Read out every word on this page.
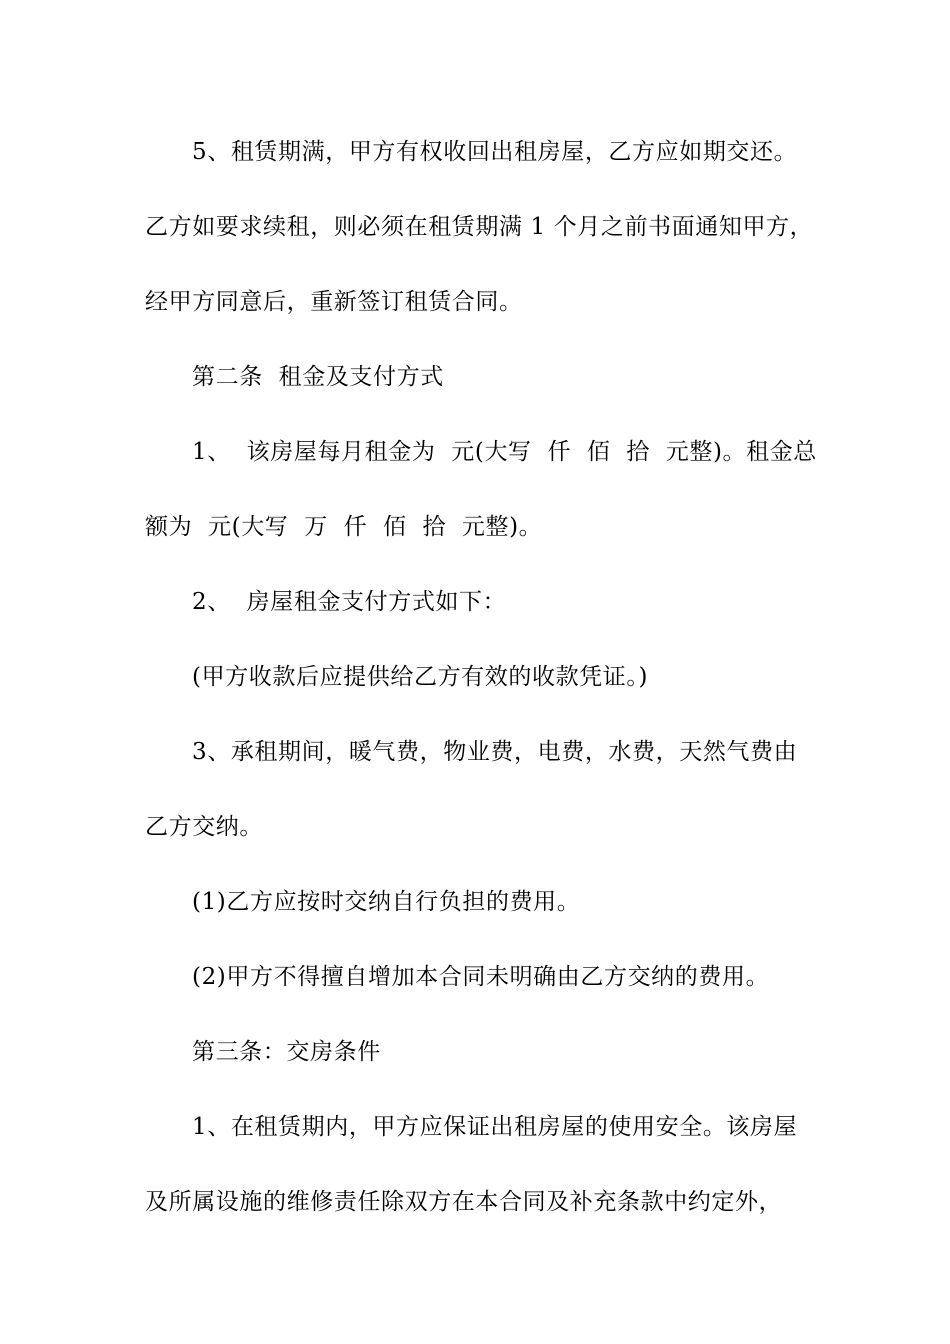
5、租赁期满，甲方有权收回出租房屋，乙方应如期交还。
乙方如要求续租，则必须在租赁期满 1 个月之前书面通知甲方，
经甲方同意后，重新签订租赁合同。
第二条  租金及支付方式
1、  该房屋每月租金为  元(大写  仟  佰  拾  元整)。租金总
额为  元(大写  万  仟  佰  拾  元整)。
2、  房屋租金支付方式如下：
(甲方收款后应提供给乙方有效的收款凭证。)
3、承租期间，暖气费，物业费，电费，水费，天然气费由
乙方交纳。
(1)乙方应按时交纳自行负担的费用。
(2)甲方不得擅自增加本合同未明确由乙方交纳的费用。
第三条：交房条件
1、在租赁期内，甲方应保证出租房屋的使用安全。该房屋
及所属设施的维修责任除双方在本合同及补充条款中约定外，
